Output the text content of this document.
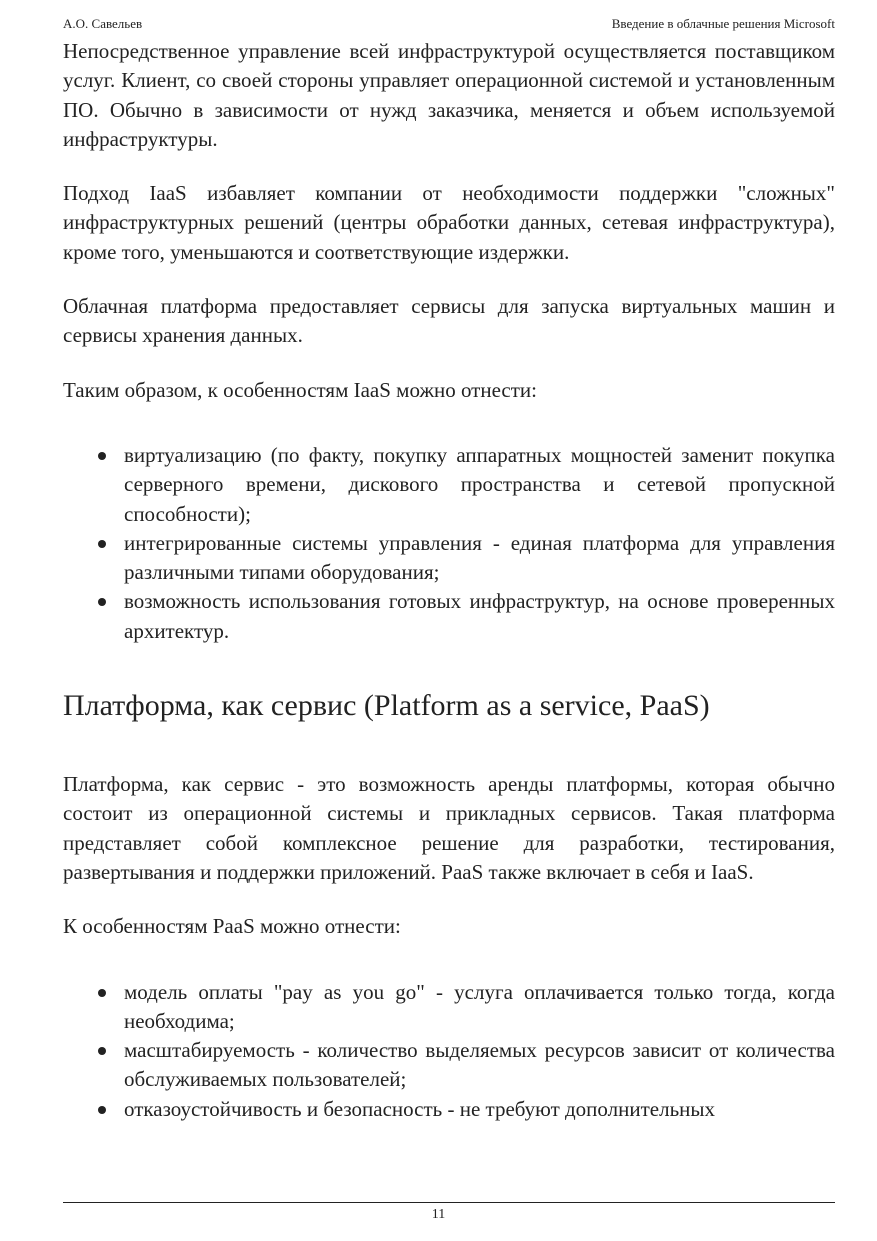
А.О. Савельев	Введение в облачные решения Microsoft

Непосредственное управление всей инфраструктурой осуществляется поставщиком услуг. Клиент, со своей стороны управляет операционной системой и установленным ПО. Обычно в зависимости от нужд заказчика, меняется и объем используемой инфраструктуры.

Подход IaaS избавляет компании от необходимости поддержки "сложных" инфраструктурных решений (центры обработки данных, сетевая инфраструктура), кроме того, уменьшаются и соответствующие издержки.

Облачная платформа предоставляет сервисы для запуска виртуальных машин и сервисы хранения данных.

Таким образом, к особенностям IaaS можно отнести:

виртуализацию (по факту, покупку аппаратных мощностей заменит покупка серверного времени, дискового пространства и сетевой пропускной способности);
интегрированные системы управления - единая платформа для управления различными типами оборудования;
возможность использования готовых инфраструктур, на основе проверенных архитектур.
Платформа, как сервис (Platform as a service, PaaS)

Платформа, как сервис - это возможность аренды платформы, которая обычно состоит из операционной системы и прикладных сервисов. Такая платформа представляет собой комплексное решение для разработки, тестирования, развертывания и поддержки приложений. PaaS также включает в себя и IaaS.

К особенностям PaaS можно отнести:

модель оплаты "pay as you go" - услуга оплачивается только тогда, когда необходима;
масштабируемость - количество выделяемых ресурсов зависит от количества обслуживаемых пользователей;
отказоустойчивость и безопасность - не требуют дополнительных
11
